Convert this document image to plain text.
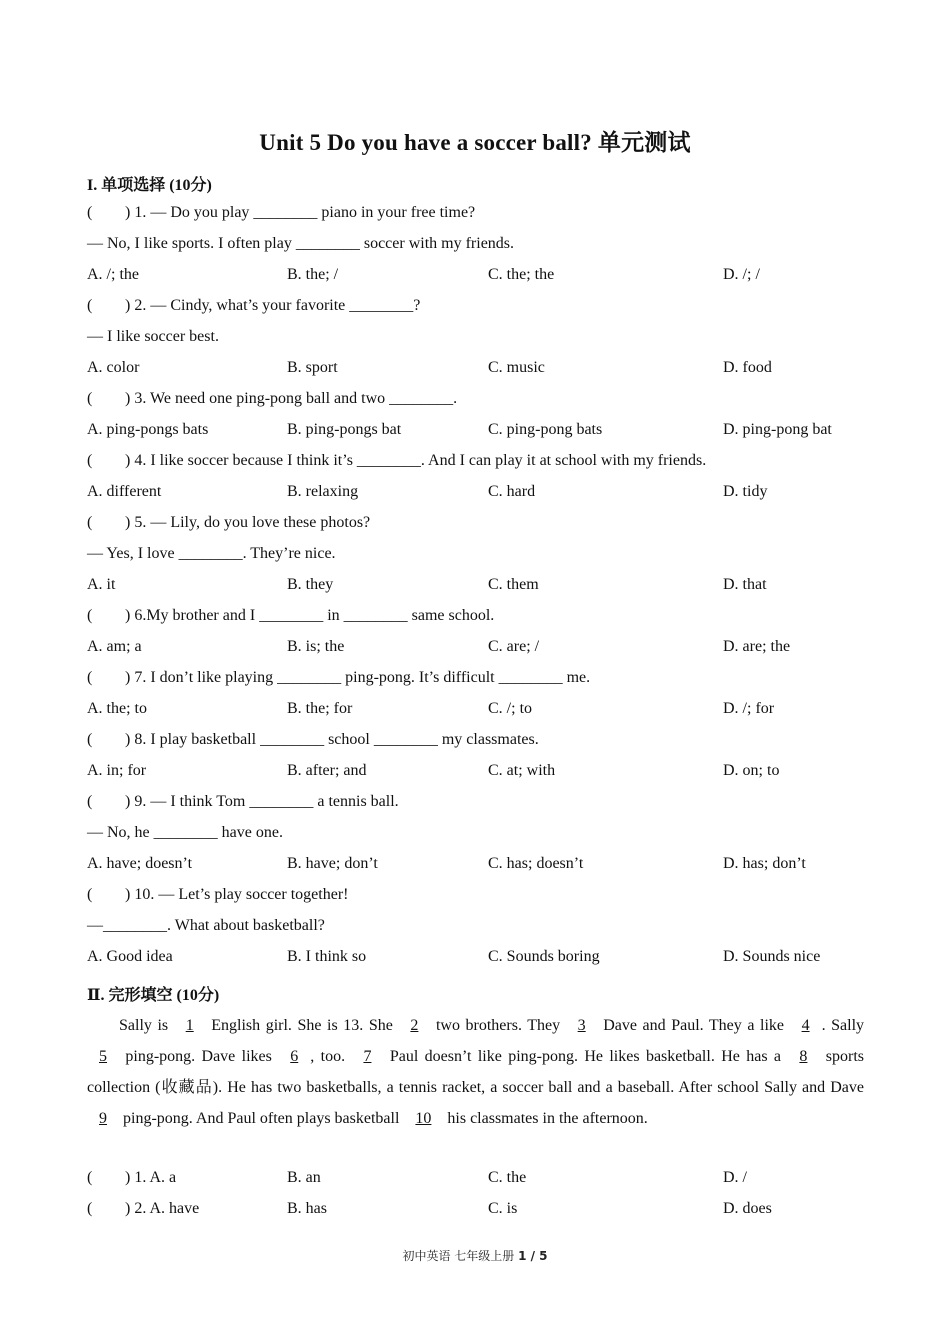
Unit 5 Do you have a soccer ball? 单元测试
I. 单项选择 (10分)
( ) 1. — Do you play ________ piano in your free time?
— No, I like sports. I often play ________ soccer with my friends.
A. /; the	B. the; /	C. the; the	D. /; /
( ) 2. — Cindy, what’s your favorite ________?
— I like soccer best.
A. color	B. sport	C. music	D. food
( ) 3. We need one ping-pong ball and two ________.
A. ping-pongs bats	B. ping-pongs bat	C. ping-pong bats	D. ping-pong bat
( ) 4. I like soccer because I think it’s ________. And I can play it at school with my friends.
A. different	B. relaxing	C. hard	D. tidy
( ) 5. — Lily, do you love these photos?
— Yes, I love ________. They’re nice.
A. it	B. they	C. them	D. that
( ) 6.My brother and I ________ in ________ same school.
A. am; a	B. is; the	C. are; /	D. are; the
( ) 7. I don’t like playing ________ ping-pong. It’s difficult ________ me.
A. the; to	B. the; for	C. /; to	D. /; for
( ) 8. I play basketball ________ school ________ my classmates.
A. in; for	B. after; and	C. at; with	D. on; to
( ) 9. — I think Tom ________ a tennis ball.
— No, he ________ have one.
A. have; doesn’t	B. have; don’t	C. has; doesn’t	D. has; don’t
( ) 10. — Let’s play soccer together!
—________. What about basketball?
A. Good idea	B. I think so	C. Sounds boring	D. Sounds nice
Ⅱ. 完形填空 (10分)
Sally is 1 English girl. She is 13. She 2 two brothers. They 3 Dave and Paul. They a like 4 . Sally 5 ping-pong. Dave likes 6 , too. 7 Paul doesn’t like ping-pong. He likes basketball. He has a 8 sports collection (收藏品). He has two basketballs, a tennis racket, a soccer ball and a baseball. After school Sally and Dave 9 ping-pong. And Paul often plays basketball 10 his classmates in the afternoon.
( ) 1. A. a	B. an	C. the	D. /
( ) 2. A. have	B. has	C. is	D. does
初中英语 七年级上册 1 / 5
